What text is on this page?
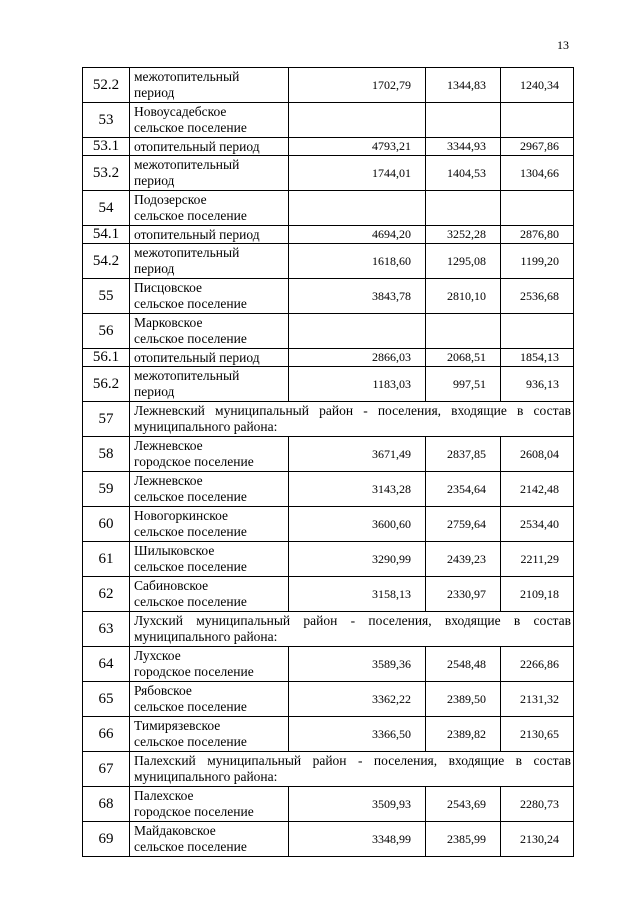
13
52.2	межотопительный
период	1702,79	1344,83	1240,34
53	Новоусадебское
сельское поселение			

53.1	отопительный период	4793,21	3344,93	2967,86
53.2	межотопительный
период	1744,01	1404,53	1304,66
54	Подозерское
сельское поселение			

54.1	отопительный период	4694,20	3252,28	2876,80
54.2	межотопительный
период	1618,60	1295,08	1199,20
55	Писцовское
сельское поселение	3843,78	2810,10	2536,68
56	Марковское
сельское поселение			

56.1	отопительный период	2866,03	2068,51	1854,13
56.2	межотопительный
период	1183,03	997,51	936,13
57	Лежневский муниципальный район - поселения, входящие в состав муниципального района:			
58	Лежневское
городское поселение	3671,49	2837,85	2608,04
59	Лежневское
сельское поселение	3143,28	2354,64	2142,48
60	Новогоркинское
сельское поселение	3600,60	2759,64	2534,40
61	Шилыковское
сельское поселение	3290,99	2439,23	2211,29
62	Сабиновское
сельское поселение	3158,13	2330,97	2109,18
63	Лухский муниципальный район - поселения, входящие в состав муниципального района:			
64	Лухское
городское поселение	3589,36	2548,48	2266,86
65	Рябовское
сельское поселение	3362,22	2389,50	2131,32
66	Тимирязевское
сельское поселение	3366,50	2389,82	2130,65
67	Палехский муниципальный район - поселения, входящие в состав муниципального района:			
68	Палехское
городское поселение	3509,93	2543,69	2280,73
69	Майдаковское
сельское поселение	3348,99	2385,99	2130,24
